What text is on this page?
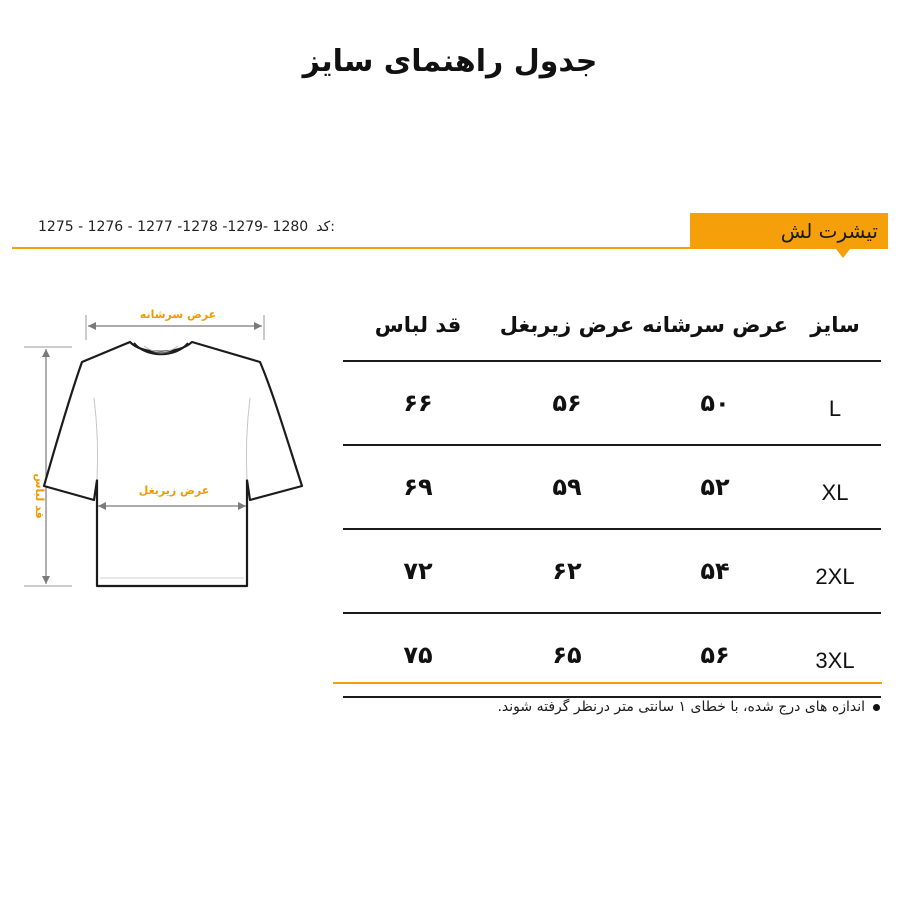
جدول راهنمای سایز
1275 - 1276 - 1277 -1278 -1279- 1280 کد:	تیشرت لش
عرض سرشانه
قد لباس	عرض زیربغل
سایز	عرض سرشانه	عرض زیربغل	قد لباس
L	۵۰	۵۶	۶۶
XL	۵۲	۵۹	۶۹
2XL	۵۴	۶۲	۷۲
3XL	۵۶	۶۵	۷۵
اندازه های درج شده، با خطای ۱ سانتی متر درنظر گرفته شوند.
